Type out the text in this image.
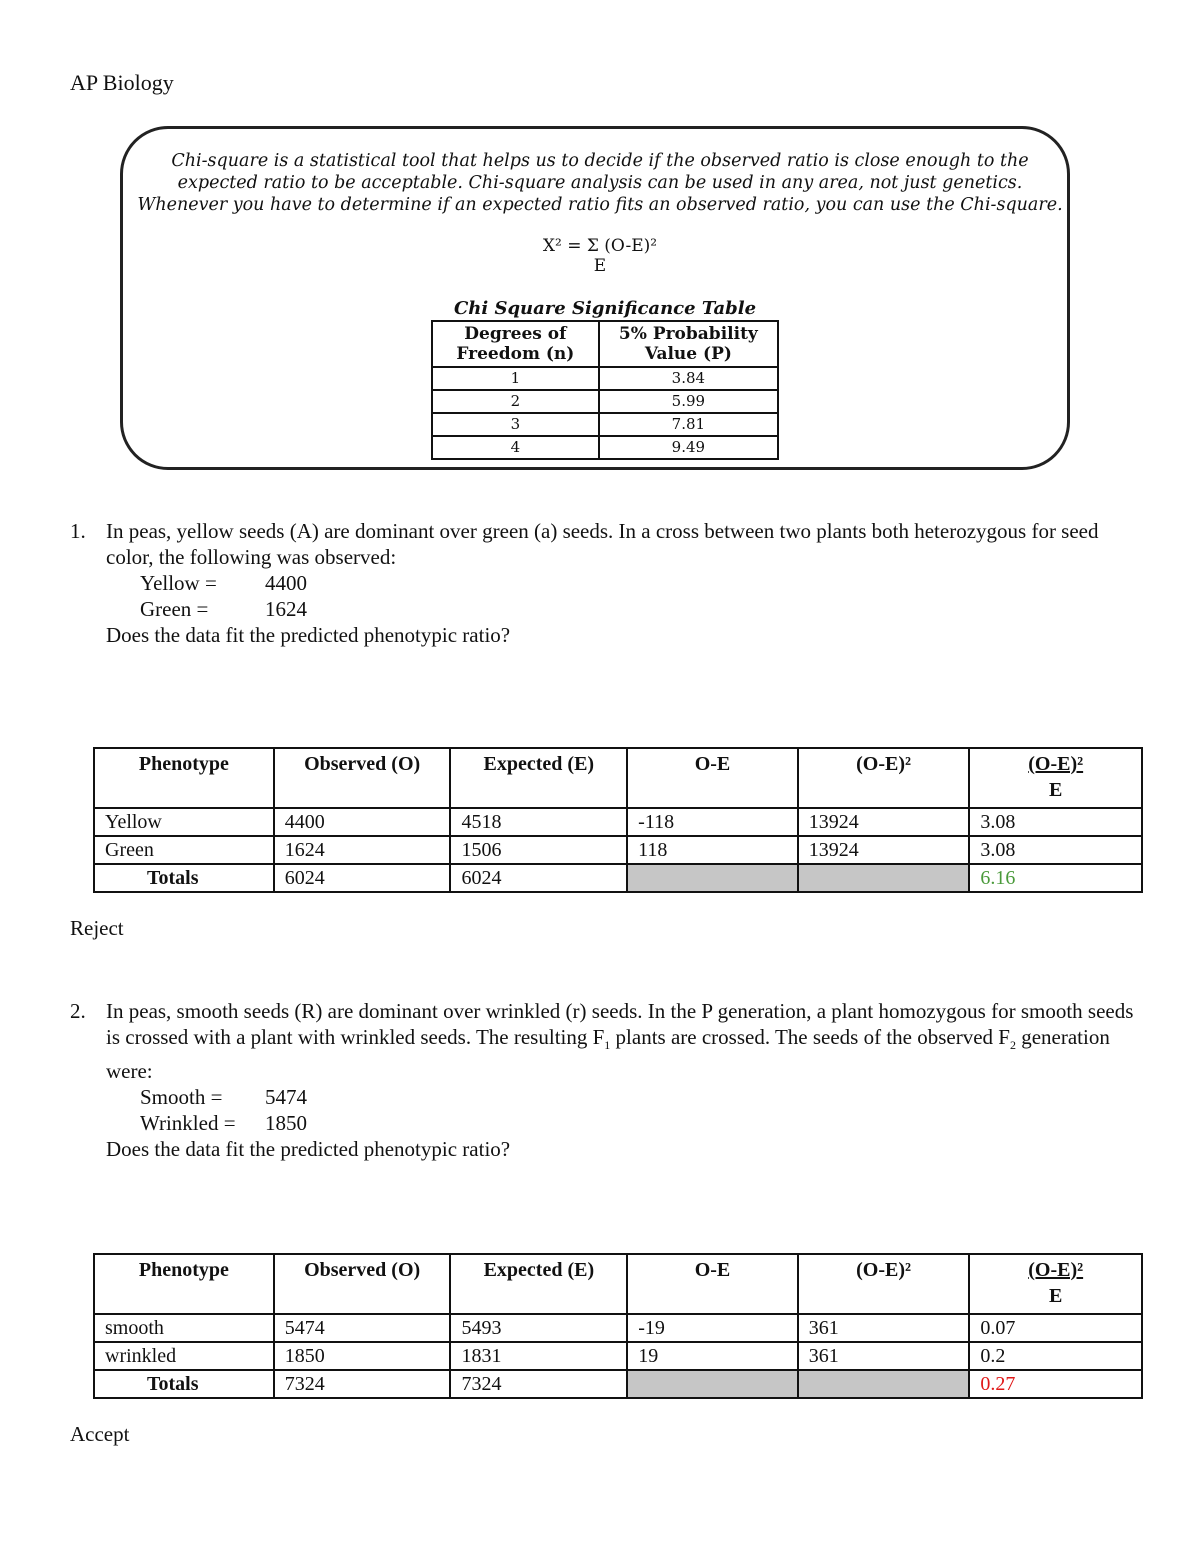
AP Biology
Chi-square is a statistical tool that helps us to decide if the observed ratio is close enough to the
expected ratio to be acceptable. Chi-square analysis can be used in any area, not just genetics.
Whenever you have to determine if an expected ratio fits an observed ratio, you can use the Chi-square.
X² = Σ (O-E)²
E
Chi Square Significance Table
Degrees of Freedom (n)	5% Probability Value (P)
1	3.84
2	5.99
3	7.81
4	9.49
1. In peas, yellow seeds (A) are dominant over green (a) seeds. In a cross between two plants both heterozygous for seed color, the following was observed:
Yellow = 4400
Green =	1624
Does the data fit the predicted phenotypic ratio?
Phenotype	Observed (O)	Expected (E)	O-E	(O-E)²	(O-E)²
E

Yellow	4400	4518	-118	13924	3.08
Green	1624	1506	118	13924	3.08
Totals	6024	6024			6.16
Reject
2. In peas, smooth seeds (R) are dominant over wrinkled (r) seeds. In the P generation, a plant homozygous for smooth seeds is crossed with a plant with wrinkled seeds. The resulting $F_1$ plants are crossed. The seeds of the observed $F_2$ generation were:
Smooth = 5474
Wrinkled = 1850
Does the data fit the predicted phenotypic ratio?
Phenotype	Observed (O)	Expected (E)	O-E	(O-E)²	(O-E)²
E

smooth	5474	5493	-19	361	0.07
wrinkled	1850	1831	19	361	0.2
Totals	7324	7324			0.27
Accept
